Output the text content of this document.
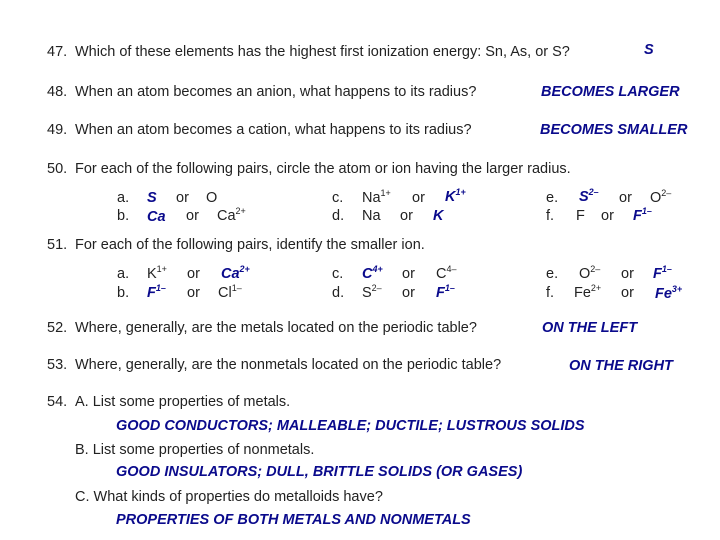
47. Which of these elements has the highest first ionization energy: Sn, As, or S?	S
48. When an atom becomes an anion, what happens to its radius?	BECOMES LARGER
49. When an atom becomes a cation, what happens to its radius?	BECOMES SMALLER
50. For each of the following pairs, circle the atom or ion having the larger radius.
a. S or O
b. Ca or $Ca^{2+}$
c. $Na^{1+}$ or $K^{1+}$
d. Na or K
e. $S^{2-}$ or $O^{2-}$
f. F or $F^{1-}$
51. For each of the following pairs, identify the smaller ion.
a. $K^{1+}$ or $Ca^{2+}$
b. $F^{1-}$ or $Cl^{1-}$
c. $C^{4+}$ or $C^{4-}$
d. $S^{2-}$ or $F^{1-}$
e. $O^{2-}$ or $F^{1-}$
f. $Fe^{2+}$ or $Fe^{3+}$
52. Where, generally, are the metals located on the periodic table?	ON THE LEFT
53. Where, generally, are the nonmetals located on the periodic table?	ON THE RIGHT
54. A. List some properties of metals.
GOOD CONDUCTORS; MALLEABLE; DUCTILE; LUSTROUS SOLIDS
B. List some properties of nonmetals.
GOOD INSULATORS; DULL, BRITTLE SOLIDS (OR GASES)
C. What kinds of properties do metalloids have?
PROPERTIES OF BOTH METALS AND NONMETALS
